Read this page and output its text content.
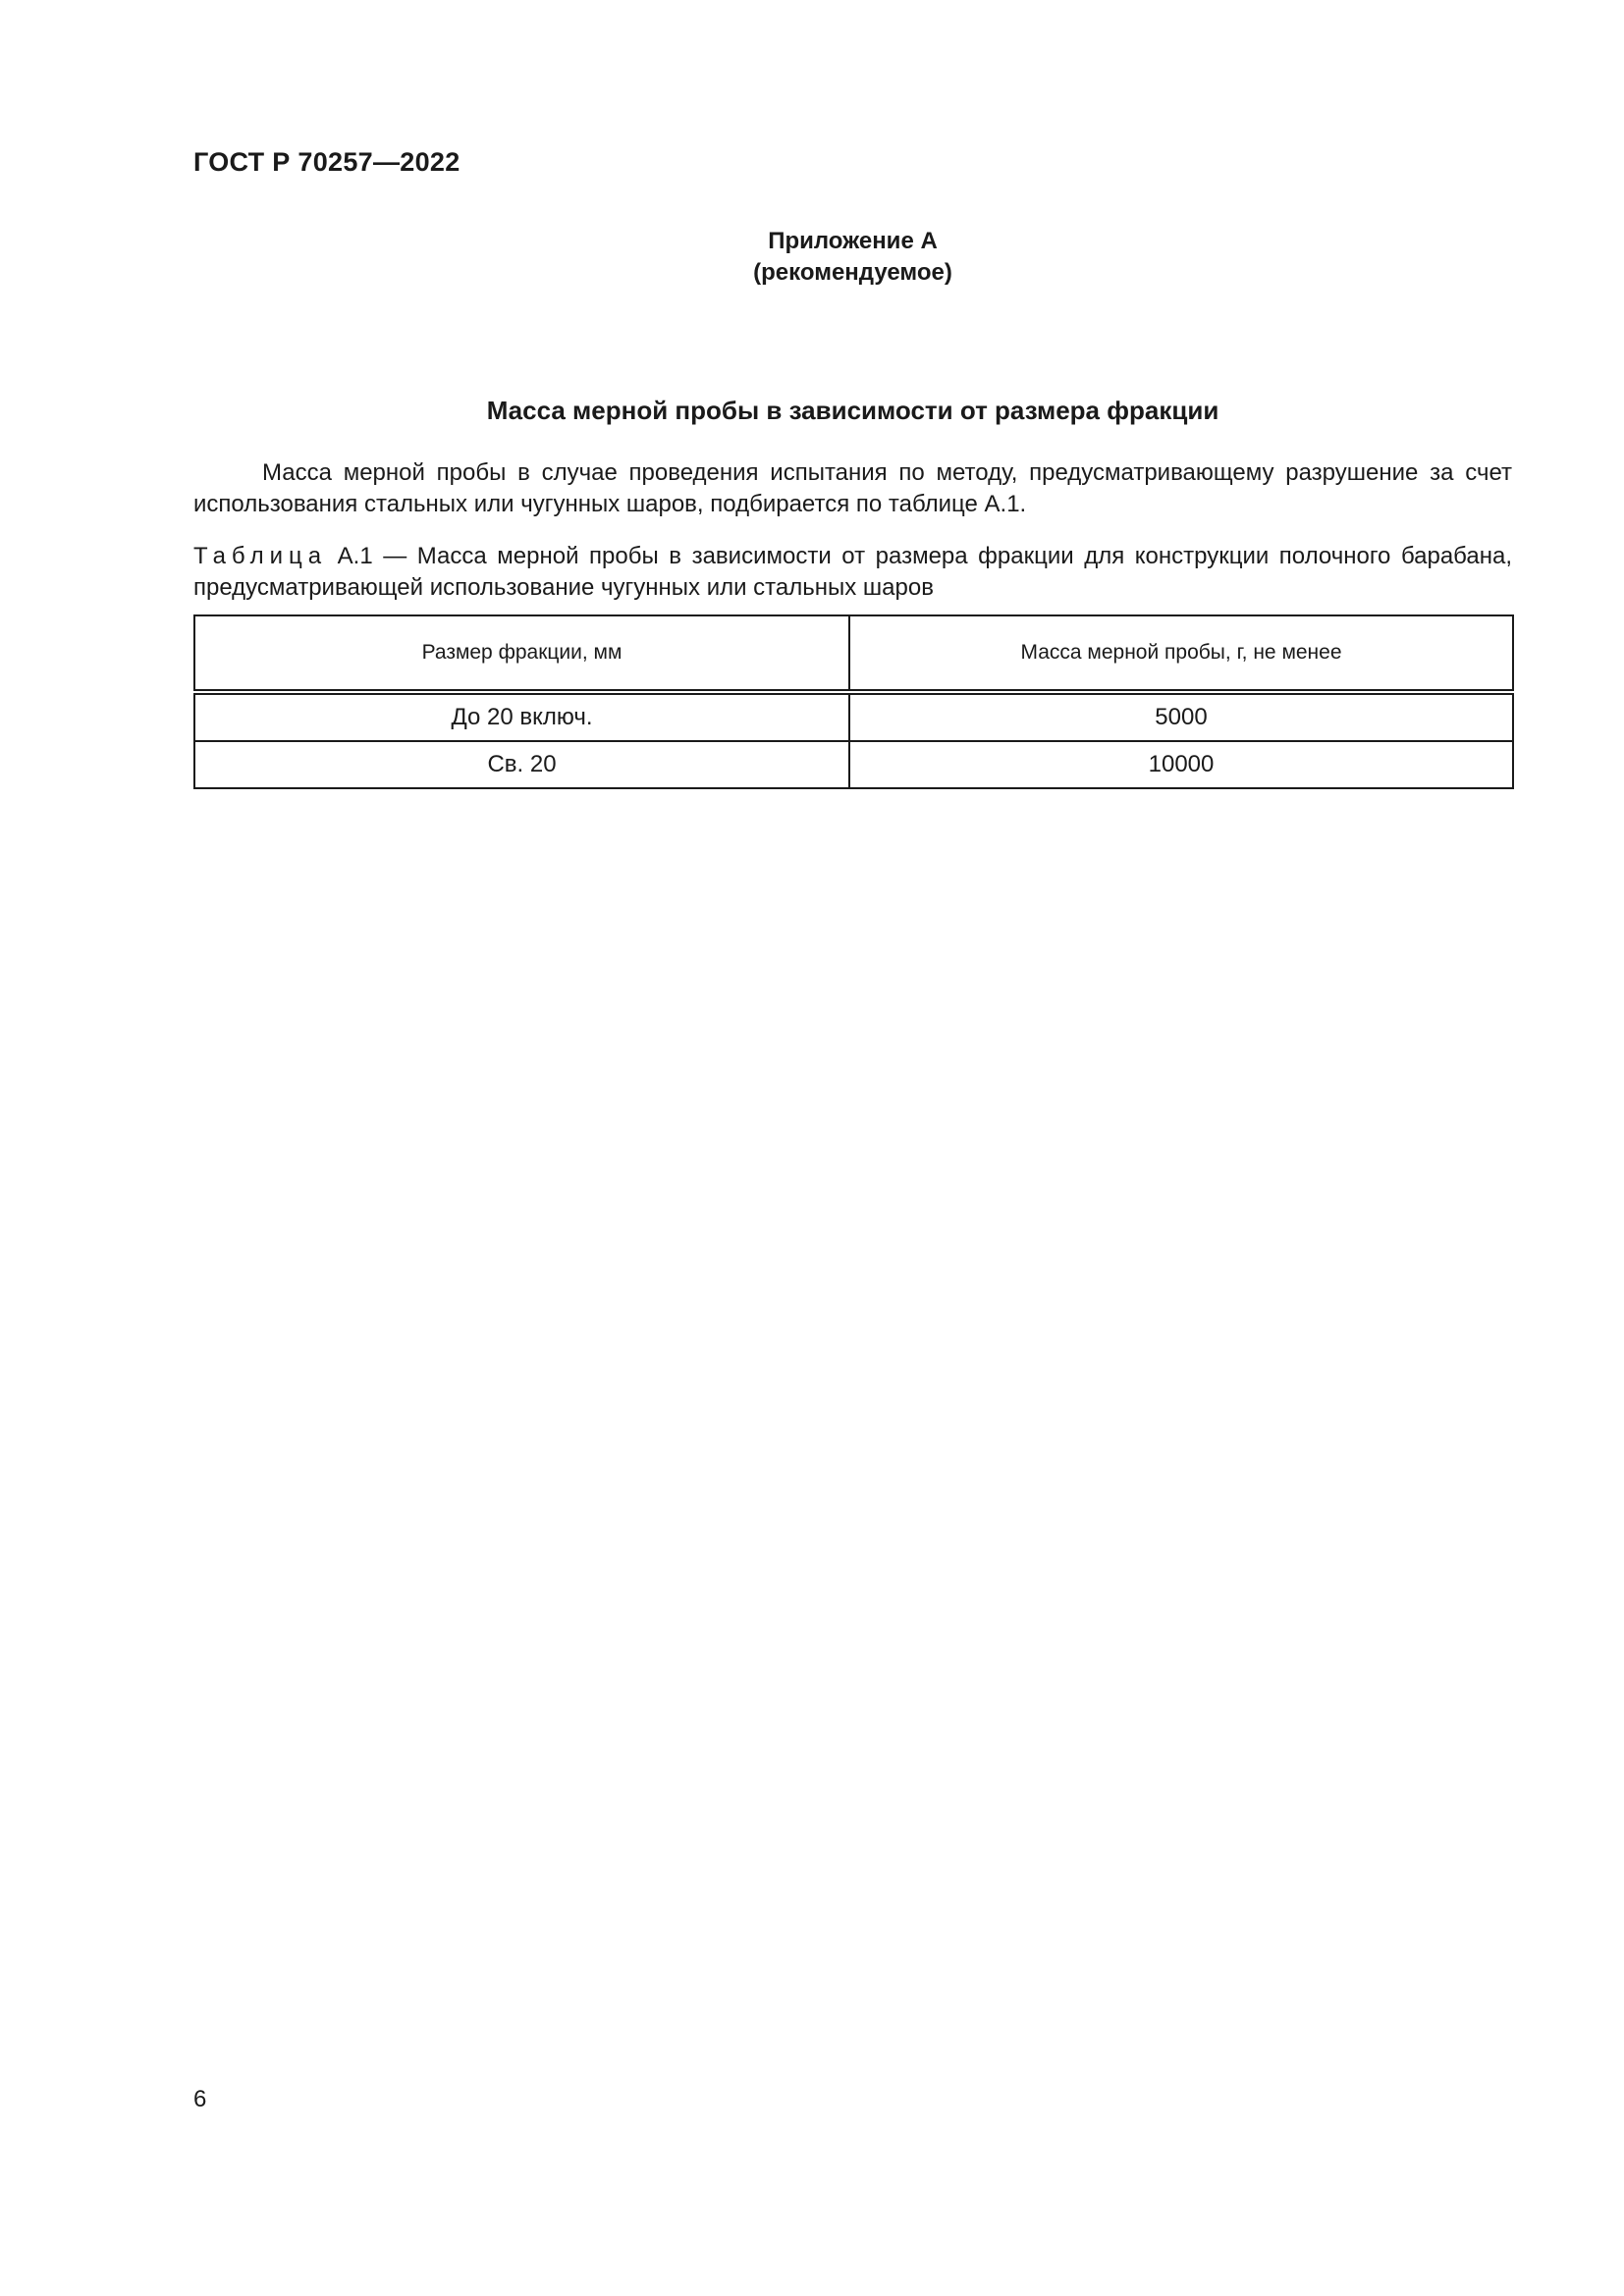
ГОСТ Р 70257—2022
Приложение А
(рекомендуемое)
Масса мерной пробы в зависимости от размера фракции
Масса мерной пробы в случае проведения испытания по методу, предусматривающему разрушение за счет использования стальных или чугунных шаров, подбирается по таблице А.1.
Таблица А.1 — Масса мерной пробы в зависимости от размера фракции для конструкции полочного барабана, предусматривающей использование чугунных или стальных шаров
Размер фракции, мм	Масса мерной пробы, г, не менее
До 20 включ.	5000
Св. 20	10000
6
